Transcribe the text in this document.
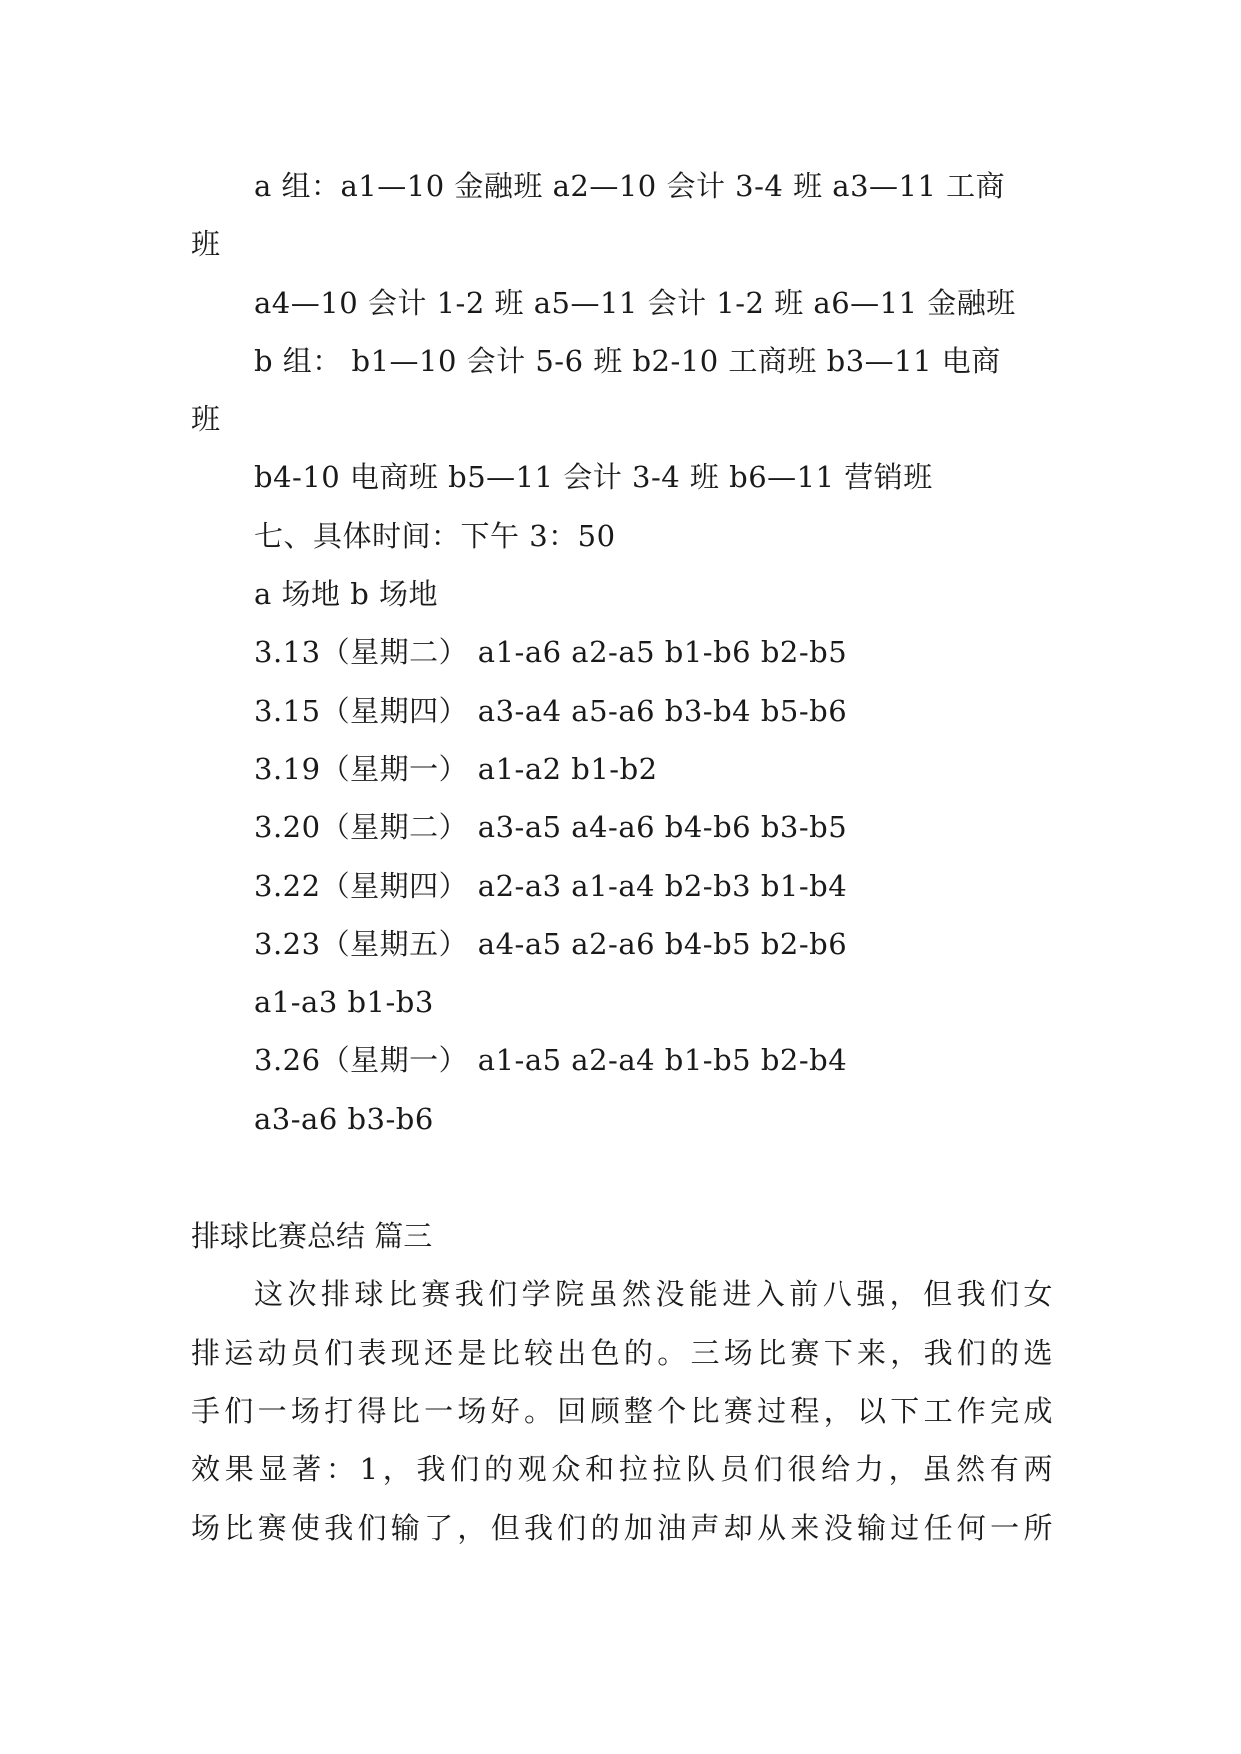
a 组：a1—10 金融班 a2—10 会计 3-4 班 a3—11 工商
班
a4—10 会计 1-2 班 a5—11 会计 1-2 班 a6—11 金融班
b 组： b1—10 会计 5-6 班 b2-10 工商班 b3—11 电商
班
b4-10 电商班 b5—11 会计 3-4 班 b6—11 营销班
七、具体时间：下午 3：50
a 场地 b 场地
3.13（星期二） a1-a6 a2-a5 b1-b6 b2-b5
3.15（星期四） a3-a4 a5-a6 b3-b4 b5-b6
3.19（星期一） a1-a2 b1-b2
3.20（星期二） a3-a5 a4-a6 b4-b6 b3-b5
3.22（星期四） a2-a3 a1-a4 b2-b3 b1-b4
3.23（星期五） a4-a5 a2-a6 b4-b5 b2-b6
a1-a3 b1-b3
3.26（星期一） a1-a5 a2-a4 b1-b5 b2-b4
a3-a6 b3-b6
排球比赛总结 篇三
这次排球比赛我们学院虽然没能进入前八强，但我们女
排运动员们表现还是比较出色的。三场比赛下来，我们的选
手们一场打得比一场好。回顾整个比赛过程，以下工作完成
效果显著：1，我们的观众和拉拉队员们很给力，虽然有两
场比赛使我们输了，但我们的加油声却从来没输过任何一所
